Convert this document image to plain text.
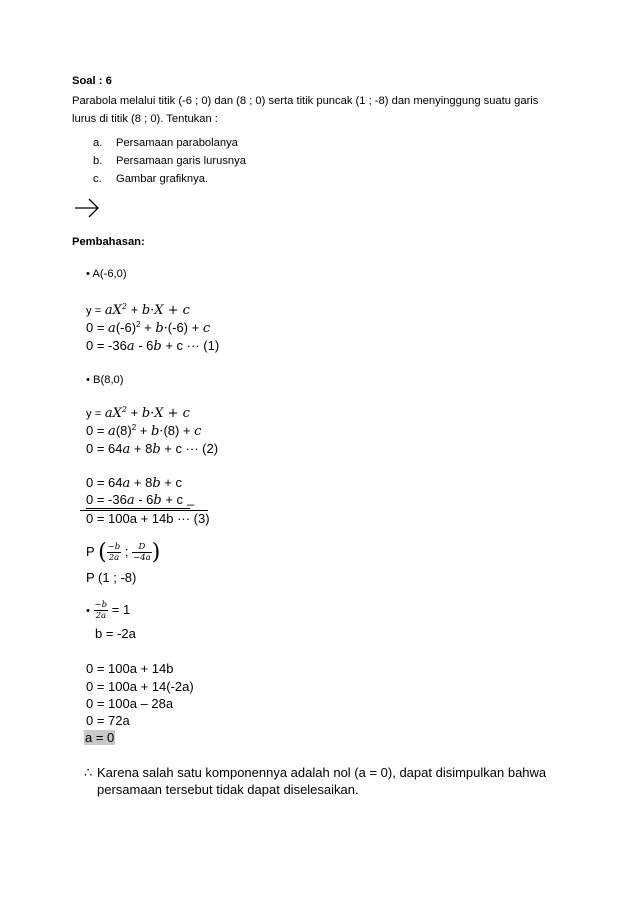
Soal : 6
Parabola melalui titik (-6 ; 0) dan (8 ; 0) serta titik puncak (1 ; -8) dan menyinggung suatu garis
lurus di titik (8 ; 0). Tentukan :
a. Persamaan parabolanya
b. Persamaan garis lurusnya
c. Gambar grafiknya.
Pembahasan:
• A(-6,0)
$y = aX^2 + b\cdot X + c$
$0 = a(-6)^2 + b\cdot(-6) + c$
0 = -36a - 6b + c ··· (1)
• B(8,0)
$y = aX^2 + b\cdot X + c$
$0 = a(8)^2 + b\cdot(8) + c$
0 = 64a + 8b + c ··· (2)
0 = 64a + 8b + c
0 = -36a - 6b + c _
0 = 100a + 14b ··· (3)
P ( $\frac{-b}{2a}$ ; $\frac{D}{-4a}$ )
P (1 ; -8)
• $\frac{-b}{2a} = 1$
b = -2a
0 = 100a + 14b
0 = 100a + 14(-2a)
0 = 100a – 28a
0 = 72a
a = 0
∴ Karena salah satu komponennya adalah nol (a = 0), dapat disimpulkan bahwa
persamaan tersebut tidak dapat diselesaikan.
